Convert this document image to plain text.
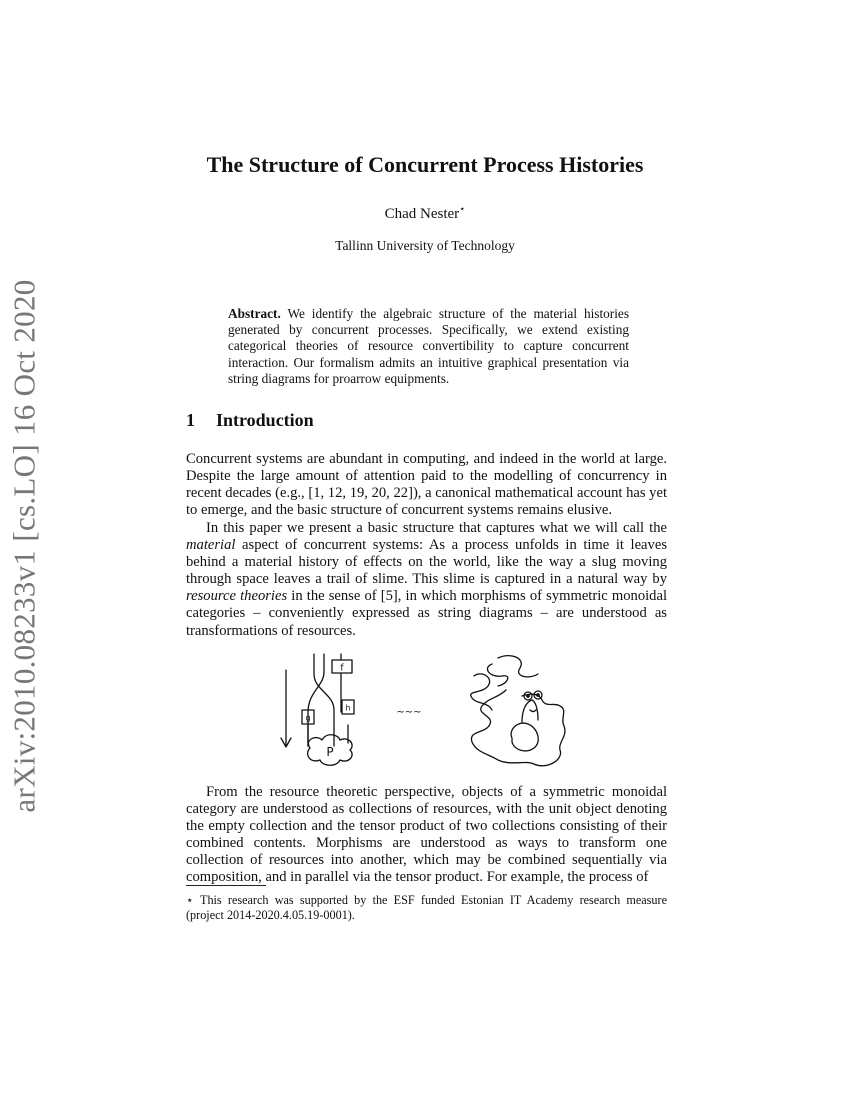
arXiv:2010.08233v1 [cs.LO] 16 Oct 2020
The Structure of Concurrent Process Histories
Chad Nester⋆
Tallinn University of Technology
Abstract. We identify the algebraic structure of the material histories generated by concurrent processes. Specifically, we extend existing categorical theories of resource convertibility to capture concurrent interaction. Our formalism admits an intuitive graphical presentation via string diagrams for proarrow equipments.
1 Introduction

Concurrent systems are abundant in computing, and indeed in the world at large. Despite the large amount of attention paid to the modelling of concurrency in recent decades (e.g., [1, 12, 19, 20, 22]), a canonical mathematical account has yet to emerge, and the basic structure of concurrent systems remains elusive.

In this paper we present a basic structure that captures what we will call the material aspect of concurrent systems: As a process unfolds in time it leaves behind a material history of effects on the world, like the way a slug moving through space leaves a trail of slime. This slime is captured in a natural way by resource theories in the sense of [5], in which morphisms of symmetric monoidal categories – conveniently expressed as string diagrams – are understood as transformations of resources.

f
g
h
P
~~~

From the resource theoretic perspective, objects of a symmetric monoidal category are understood as collections of resources, with the unit object denoting the empty collection and the tensor product of two collections consisting of their combined contents. Morphisms are understood as ways to transform one collection of resources into another, which may be combined sequentially via composition, and in parallel via the tensor product. For example, the process of

⋆ This research was supported by the ESF funded Estonian IT Academy research measure (project 2014-2020.4.05.19-0001).
